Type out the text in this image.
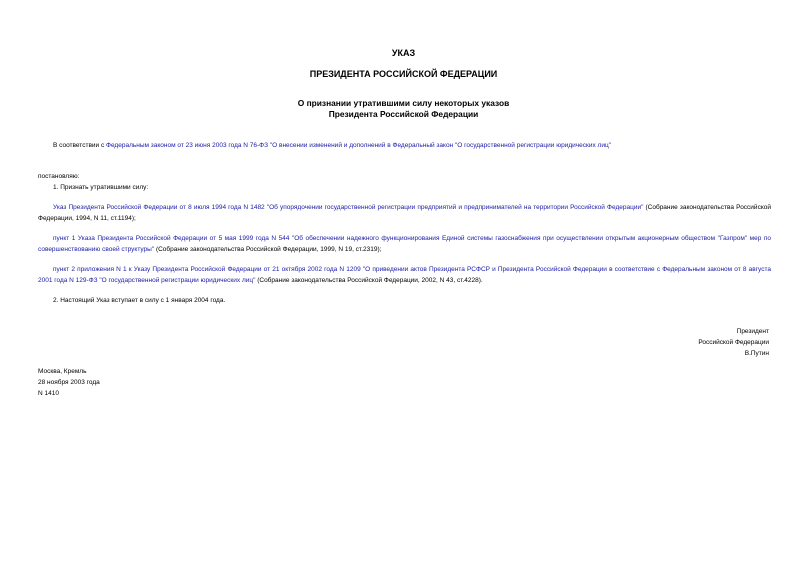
УКАЗ
ПРЕЗИДЕНТА РОССИЙСКОЙ ФЕДЕРАЦИИ
О признании утратившими силу некоторых указов
Президента Российской Федерации
В соответствии с Федеральным законом от 23 июня 2003 года N 76-ФЗ "О внесении изменений и дополнений в Федеральный закон "О государственной регистрации юридических лиц"
постановляю:
1. Признать утратившими силу:
Указ Президента Российской Федерации от 8 июля 1994 года N 1482 "Об упорядочении государственной регистрации предприятий и предпринимателей на территории Российской Федерации" (Собрание законодательства Российской Федерации, 1994, N 11, ст.1194);
пункт 1 Указа Президента Российской Федерации от 5 мая 1999 года N 544 "Об обеспечении надежного функционирования Единой системы газоснабжения при осуществлении открытым акционерным обществом "Газпром" мер по совершенствованию своей структуры" (Собрание законодательства Российской Федерации, 1999, N 19, ст.2319);
пункт 2 приложения N 1 к Указу Президента Российской Федерации от 21 октября 2002 года N 1209 "О приведении актов Президента РСФСР и Президента Российской Федерации в соответствие с Федеральным законом от 8 августа 2001 года N 129-ФЗ "О государственной регистрации юридических лиц" (Собрание законодательства Российской Федерации, 2002, N 43, ст.4228).
2. Настоящий Указ вступает в силу с 1 января 2004 года.
Президент
Российской Федерации
В.Путин
Москва, Кремль
28 ноября 2003 года
N 1410
